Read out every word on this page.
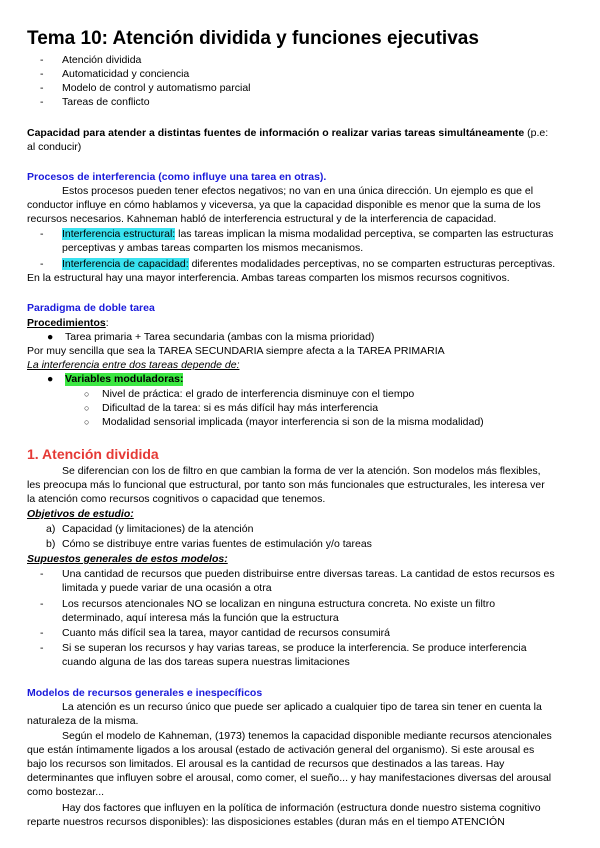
Tema 10: Atención dividida y funciones ejecutivas
- Atención dividida
- Automaticidad y conciencia
- Modelo de control y automatismo parcial
- Tareas de conflicto
Capacidad para atender a distintas fuentes de información o realizar varias tareas simultáneamente (p.e:
al conducir)
Procesos de interferencia (como influye una tarea en otras).
Estos procesos pueden tener efectos negativos; no van en una única dirección. Un ejemplo es que el
conductor influye en cómo hablamos y viceversa, ya que la capacidad disponible es menor que la suma de los
recursos necesarios. Kahneman habló de interferencia estructural y de la interferencia de capacidad.
- Interferencia estructural: las tareas implican la misma modalidad perceptiva, se comparten las estructuras
perceptivas y ambas tareas comparten los mismos mecanismos.
- Interferencia de capacidad: diferentes modalidades perceptivas, no se comparten estructuras perceptivas.
En la estructural hay una mayor interferencia. Ambas tareas comparten los mismos recursos cognitivos.
Paradigma de doble tarea
Procedimientos:
● Tarea primaria + Tarea secundaria (ambas con la misma prioridad)
Por muy sencilla que sea la TAREA SECUNDARIA siempre afecta a la TAREA PRIMARIA
La interferencia entre dos tareas depende de:
● Variables moduladoras:
○ Nivel de práctica: el grado de interferencia disminuye con el tiempo
○ Dificultad de la tarea: si es más difícil hay más interferencia
○ Modalidad sensorial implicada (mayor interferencia si son de la misma modalidad)
1. Atención dividida
Se diferencian con los de filtro en que cambian la forma de ver la atención. Son modelos más flexibles,
les preocupa más lo funcional que estructural, por tanto son más funcionales que estructurales, les interesa ver
la atención como recursos cognitivos o capacidad que tenemos.
Objetivos de estudio:
a) Capacidad (y limitaciones) de la atención
b) Cómo se distribuye entre varias fuentes de estimulación y/o tareas
Supuestos generales de estos modelos:
- Una cantidad de recursos que pueden distribuirse entre diversas tareas. La cantidad de estos recursos es
limitada y puede variar de una ocasión a otra
- Los recursos atencionales NO se localizan en ninguna estructura concreta. No existe un filtro
determinado, aquí interesa más la función que la estructura
- Cuanto más difícil sea la tarea, mayor cantidad de recursos consumirá
- Si se superan los recursos y hay varias tareas, se produce la interferencia. Se produce interferencia
cuando alguna de las dos tareas supera nuestras limitaciones
Modelos de recursos generales e inespecíficos
La atención es un recurso único que puede ser aplicado a cualquier tipo de tarea sin tener en cuenta la
naturaleza de la misma.
Según el modelo de Kahneman, (1973) tenemos la capacidad disponible mediante recursos atencionales
que están íntimamente ligados a los arousal (estado de activación general del organismo). Si este arousal es
bajo los recursos son limitados. El arousal es la cantidad de recursos que destinados a las tareas. Hay
determinantes que influyen sobre el arousal, como comer, el sueño... y hay manifestaciones diversas del arousal
como bostezar...
Hay dos factores que influyen en la política de información (estructura donde nuestro sistema cognitivo
reparte nuestros recursos disponibles): las disposiciones estables (duran más en el tiempo ATENCIÓN
